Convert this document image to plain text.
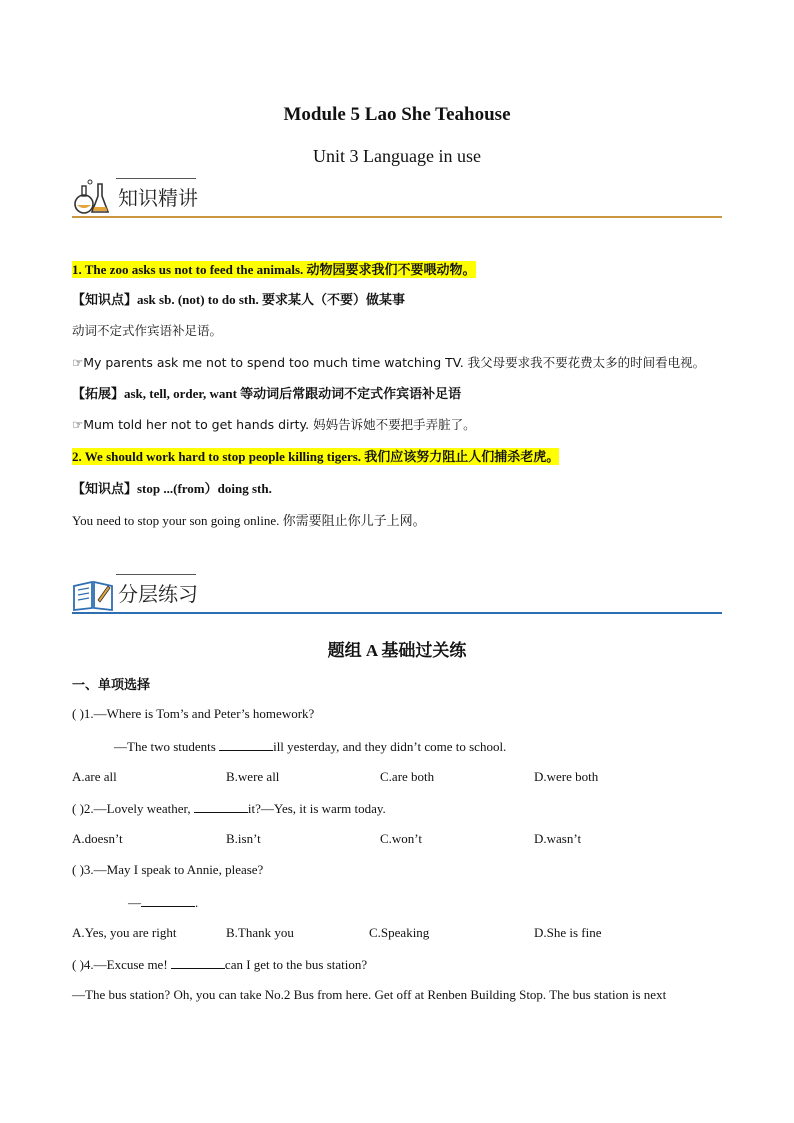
Module 5 Lao She Teahouse
Unit 3 Language in use
知识精讲
1. The zoo asks us not to feed the animals. 动物园要求我们不要喂动物。
【知识点】ask sb. (not) to do sth. 要求某人（不要）做某事
动词不定式作宾语补足语。
☞My parents ask me not to spend too much time watching TV. 我父母要求我不要花费太多的时间看电视。
【拓展】ask, tell, order, want 等动词后常跟动词不定式作宾语补足语
☞Mum told her not to get hands dirty. 妈妈告诉她不要把手弄脏了。
2. We should work hard to stop people killing tigers. 我们应该努力阻止人们捕杀老虎。
【知识点】stop ...(from）doing sth.
You need to stop your son going online. 你需要阻止你儿子上网。
分层练习
题组 A 基础过关练
一、单项选择
( )1.—Where is Tom’s and Peter’s homework?
—The two students	ill yesterday, and they didn’t come to school.
A.are all	B.were all	C.are both	D.were both
( )2.—Lovely weather,	it?—Yes, it is warm today.
A.doesn’t	B.isn’t	C.won’t	D.wasn’t
( )3.—May I speak to Annie, please?
—	.
A.Yes, you are right	B.Thank you	C.Speaking	D.She is fine
( )4.—Excuse me!	can I get to the bus station?
—The bus station? Oh, you can take No.2 Bus from here. Get off at Renben Building Stop. The bus station is next
